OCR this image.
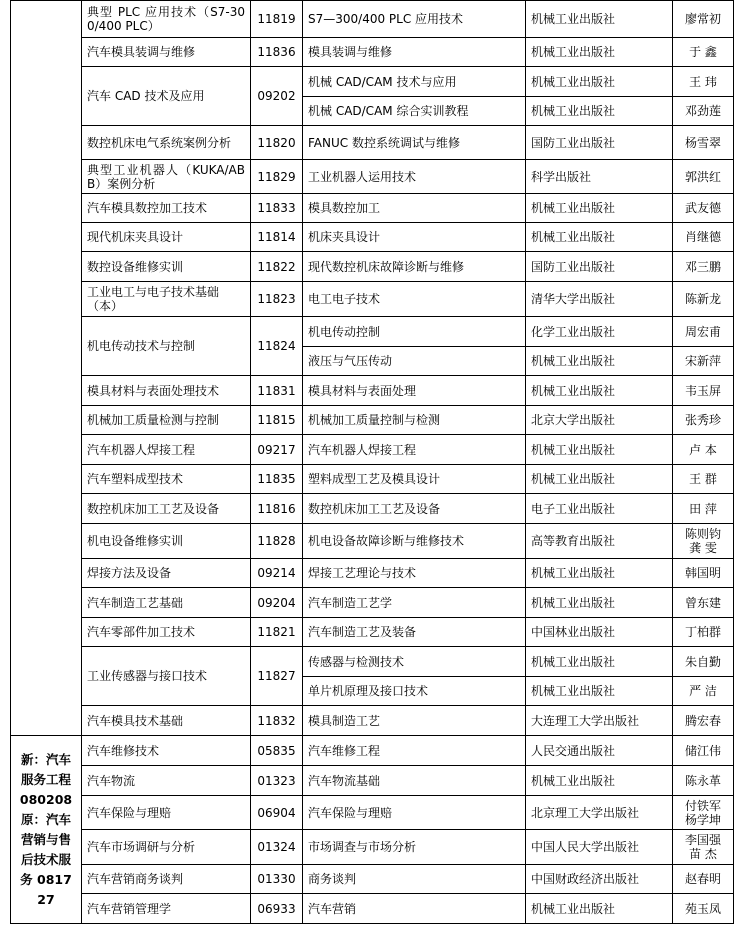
	典型 PLC 应用技术（S7-300/400 PLC）	11819	S7—300/400 PLC 应用技术	机械工业出版社	廖常初
	汽车模具装调与维修	11836	模具装调与维修	机械工业出版社	于 鑫
	汽车 CAD 技术及应用	09202	机械 CAD/CAM 技术与应用	机械工业出版社	王 玮
			机械 CAD/CAM 综合实训教程	机械工业出版社	邓劲莲
	数控机床电气系统案例分析	11820	FANUC 数控系统调试与维修	国防工业出版社	杨雪翠
	典型工业机器人（KUKA/ABB）案例分析	11829	工业机器人运用技术	科学出版社	郭洪红
	汽车模具数控加工技术	11833	模具数控加工	机械工业出版社	武友德
	现代机床夹具设计	11814	机床夹具设计	机械工业出版社	肖继德
	数控设备维修实训	11822	现代数控机床故障诊断与维修	国防工业出版社	邓三鹏
	工业电工与电子技术基础（本）	11823	电工电子技术	清华大学出版社	陈新龙
	机电传动技术与控制	11824	机电传动控制	化学工业出版社	周宏甫
			液压与气压传动	机械工业出版社	宋新萍
	模具材料与表面处理技术	11831	模具材料与表面处理	机械工业出版社	韦玉屏
	机械加工质量检测与控制	11815	机械加工质量控制与检测	北京大学出版社	张秀珍
	汽车机器人焊接工程	09217	汽车机器人焊接工程	机械工业出版社	卢 本
	汽车塑料成型技术	11835	塑料成型工艺及模具设计	机械工业出版社	王 群
	数控机床加工工艺及设备	11816	数控机床加工工艺及设备	电子工业出版社	田 萍
	机电设备维修实训	11828	机电设备故障诊断与维修技术	高等教育出版社	陈则钧 龚 雯
	焊接方法及设备	09214	焊接工艺理论与技术	机械工业出版社	韩国明
	汽车制造工艺基础	09204	汽车制造工艺学	机械工业出版社	曾东建
	汽车零部件加工技术	11821	汽车制造工艺及装备	中国林业出版社	丁柏群
	工业传感器与接口技术	11827	传感器与检测技术	机械工业出版社	朱自勤
			单片机原理及接口技术	机械工业出版社	严 洁
	汽车模具技术基础	11832	模具制造工艺	大连理工大学出版社	腾宏春
新：汽车服务工程 080208 原：汽车营销与售后技术服务 081727	汽车维修技术	05835	汽车维修工程	人民交通出版社	储江伟
	汽车物流	01323	汽车物流基础	机械工业出版社	陈永革
	汽车保险与理赔	06904	汽车保险与理赔	北京理工大学出版社	付铁军 杨学坤
	汽车市场调研与分析	01324	市场调查与市场分析	中国人民大学出版社	李国强 苗 杰
	汽车营销商务谈判	01330	商务谈判	中国财政经济出版社	赵春明
	汽车营销管理学	06933	汽车营销	机械工业出版社	苑玉凤
